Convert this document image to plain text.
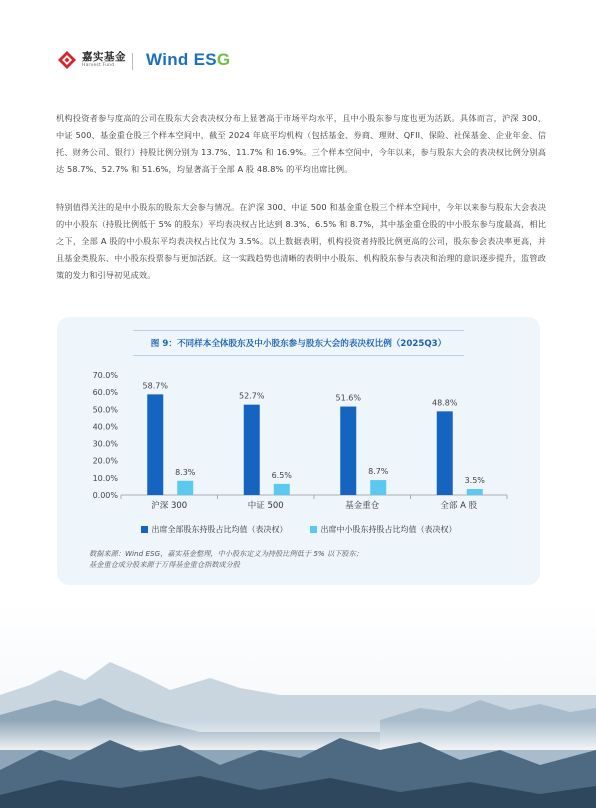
嘉实基金
Harvest Fund	Wind ESG
机构投资者参与度高的公司在股东大会表决权分布上显著高于市场平均水平，且中小股东参与度也更为活跃。具体而言，沪深 300、中证 500、基金重仓股三个样本空间中，截至 2024 年底平均机构（包括基金、券商、理财、QFII、保险、社保基金、企业年金、信托、财务公司、银行）持股比例分别为 13.7%、11.7% 和 16.9%。三个样本空间中，今年以来，参与股东大会的表决权比例分别高达 58.7%、52.7% 和 51.6%，均显著高于全部 A 股 48.8% 的平均出席比例。
特别值得关注的是中小股东的股东大会参与情况。在沪深 300、中证 500 和基金重仓股三个样本空间中，今年以来参与股东大会表决的中小股东（持股比例低于 5% 的股东）平均表决权占比达到 8.3%、6.5% 和 8.7%，其中基金重仓股的中小股东参与度最高，相比之下，全部 A 股的中小股东平均表决权占比仅为 3.5%。以上数据表明，机构投资者持股比例更高的公司，股东参会表决率更高，并且基金类股东、中小股东投票参与更加活跃。这一实践趋势也清晰的表明中小股东、机构股东参与表决和治理的意识逐步提升，监管政策的发力和引导初见成效。
图 9：不同样本全体股东及中小股东参与股东大会的表决权比例（2025Q3）
0.00%
10.0%
20.0%
30.0%
40.0%
50.0%
60.0%
70.0%
58.7%
8.3%
沪深 300
52.7%
6.5%
中证 500
51.6%
8.7%
基金重仓
48.8%
3.5%
全部 A 股
出席全部股东持股占比均值（表决权）	出席中小股东持股占比均值（表决权）
数据来源：Wind ESG，嘉实基金整理，中小股东定义为持股比例低于 5% 以下股东；
基金重仓成分股来源于万得基金重仓指数成分股
